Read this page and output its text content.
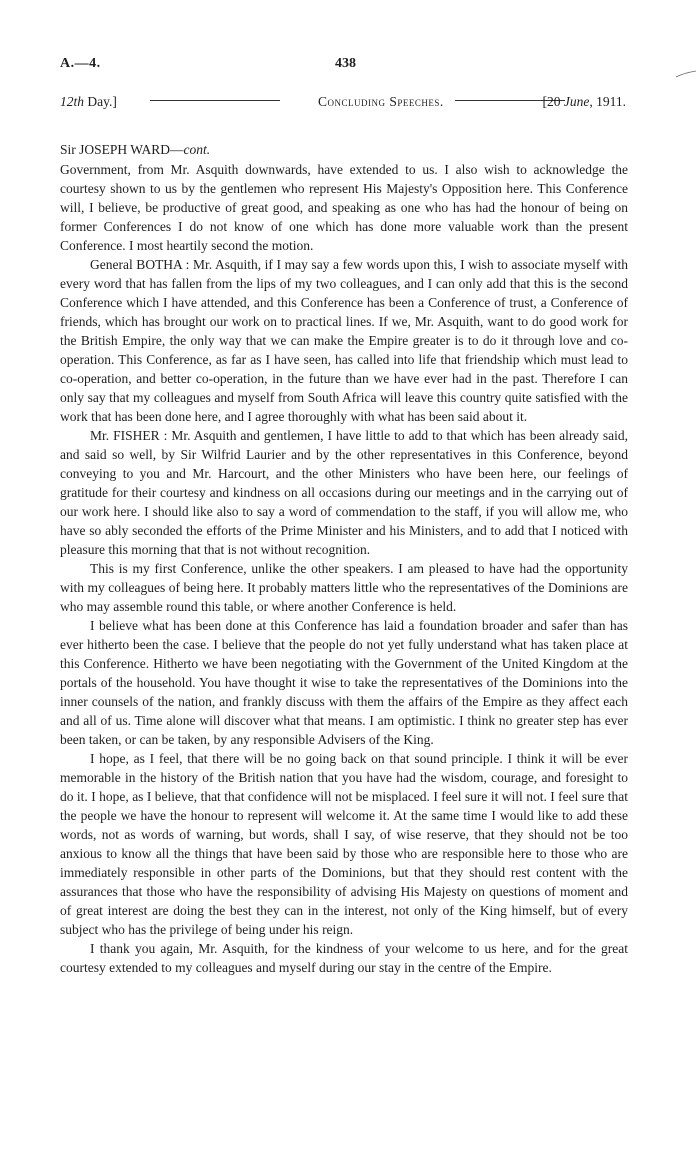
A.—4.	438
12th Day.]	Concluding Speeches.	[20 June, 1911.
Sir JOSEPH WARD—cont.

Government, from Mr. Asquith downwards, have extended to us. I also wish to acknowledge the courtesy shown to us by the gentlemen who represent His Majesty's Opposition here. This Conference will, I believe, be productive of great good, and speaking as one who has had the honour of being on former Conferences I do not know of one which has done more valuable work than the present Conference. I most heartily second the motion.

General BOTHA : Mr. Asquith, if I may say a few words upon this, I wish to associate myself with every word that has fallen from the lips of my two colleagues, and I can only add that this is the second Conference which I have attended, and this Conference has been a Conference of trust, a Conference of friends, which has brought our work on to practical lines. If we, Mr. Asquith, want to do good work for the British Empire, the only way that we can make the Empire greater is to do it through love and co-operation. This Conference, as far as I have seen, has called into life that friendship which must lead to co-operation, and better co-operation, in the future than we have ever had in the past. Therefore I can only say that my colleagues and myself from South Africa will leave this country quite satisfied with the work that has been done here, and I agree thoroughly with what has been said about it.

Mr. FISHER : Mr. Asquith and gentlemen, I have little to add to that which has been already said, and said so well, by Sir Wilfrid Laurier and by the other representatives in this Conference, beyond conveying to you and Mr. Harcourt, and the other Ministers who have been here, our feelings of gratitude for their courtesy and kindness on all occasions during our meetings and in the carrying out of our work here. I should like also to say a word of commendation to the staff, if you will allow me, who have so ably seconded the efforts of the Prime Minister and his Ministers, and to add that I noticed with pleasure this morning that that is not without recognition.

This is my first Conference, unlike the other speakers. I am pleased to have had the opportunity with my colleagues of being here. It probably matters little who the representatives of the Dominions are who may assemble round this table, or where another Conference is held.

I believe what has been done at this Conference has laid a foundation broader and safer than has ever hitherto been the case. I believe that the people do not yet fully understand what has taken place at this Conference. Hitherto we have been negotiating with the Government of the United Kingdom at the portals of the household. You have thought it wise to take the representatives of the Dominions into the inner counsels of the nation, and frankly discuss with them the affairs of the Empire as they affect each and all of us. Time alone will discover what that means. I am optimistic. I think no greater step has ever been taken, or can be taken, by any responsible Advisers of the King.

I hope, as I feel, that there will be no going back on that sound principle. I think it will be ever memorable in the history of the British nation that you have had the wisdom, courage, and foresight to do it. I hope, as I believe, that that confidence will not be misplaced. I feel sure it will not. I feel sure that the people we have the honour to represent will welcome it. At the same time I would like to add these words, not as words of warning, but words, shall I say, of wise reserve, that they should not be too anxious to know all the things that have been said by those who are responsible here to those who are immediately responsible in other parts of the Dominions, but that they should rest content with the assurances that those who have the responsibility of advising His Majesty on questions of moment and of great interest are doing the best they can in the interest, not only of the King himself, but of every subject who has the privilege of being under his reign.

I thank you again, Mr. Asquith, for the kindness of your welcome to us here, and for the great courtesy extended to my colleagues and myself during our stay in the centre of the Empire.
